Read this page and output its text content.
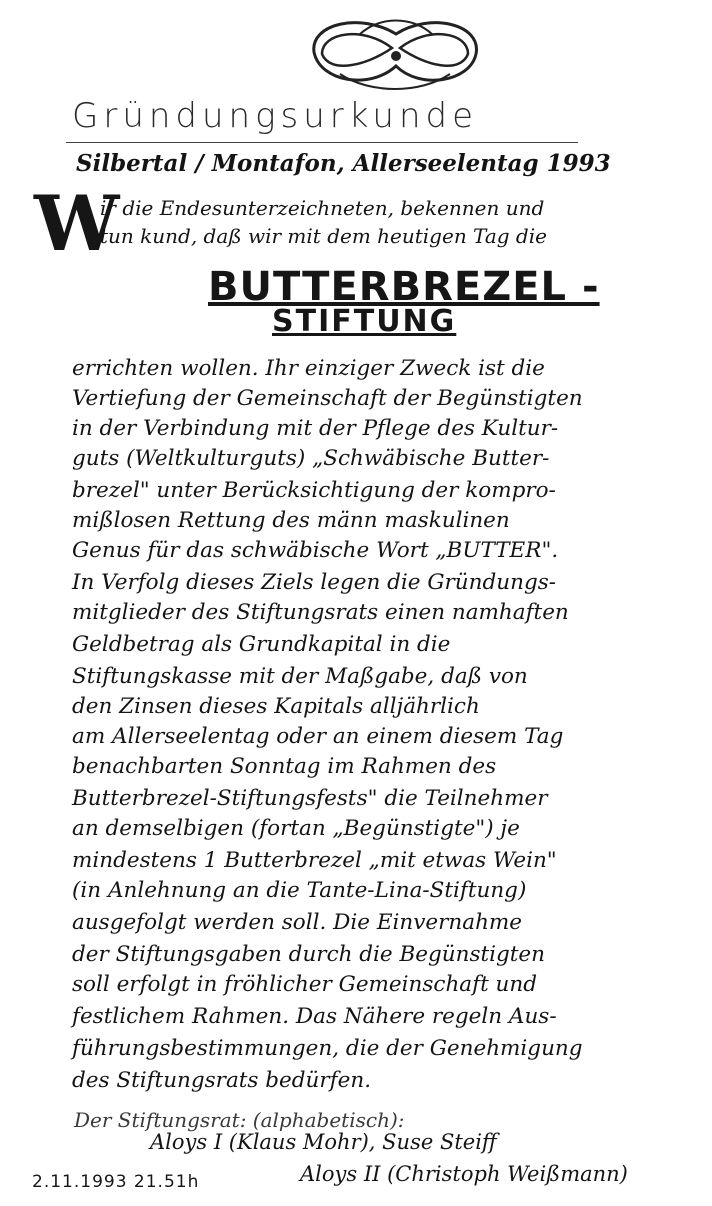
Gründungsurkunde
Silbertal / Montafon, Allerseelentag 1993
W
ir die Endesunterzeichneten, bekennen und
tun kund, daß wir mit dem heutigen Tag die
BUTTERBREZEL -
STIFTUNG
errichten wollen. Ihr einziger Zweck ist die
Vertiefung der Gemeinschaft der Begünstigten
in der Verbindung mit der Pflege des Kultur-
guts (Weltkulturguts) „Schwäbische Butter-
brezel" unter Berücksichtigung der kompro-
mißlosen Rettung des männ maskulinen
Genus für das schwäbische Wort „BUTTER".
In Verfolg dieses Ziels legen die Gründungs-
mitglieder des Stiftungsrats einen namhaften
Geldbetrag als Grundkapital in die
Stiftungskasse mit der Maßgabe, daß von
den Zinsen dieses Kapitals alljährlich
am Allerseelentag oder an einem diesem Tag
benachbarten Sonntag im Rahmen des
Butterbrezel-Stiftungsfests" die Teilnehmer
an demselbigen (fortan „Begünstigte") je
mindestens 1 Butterbrezel „mit etwas Wein"
(in Anlehnung an die Tante-Lina-Stiftung)
ausgefolgt werden soll. Die Einvernahme
der Stiftungsgaben durch die Begünstigten
soll erfolgt in fröhlicher Gemeinschaft und
festlichem Rahmen. Das Nähere regeln Aus-
führungsbestimmungen, die der Genehmigung
des Stiftungsrats bedürfen.
Der Stiftungsrat: (alphabetisch):
Aloys I (Klaus Mohr), Suse Steiff
Aloys II (Christoph Weißmann)
2.11.1993 21.51h
